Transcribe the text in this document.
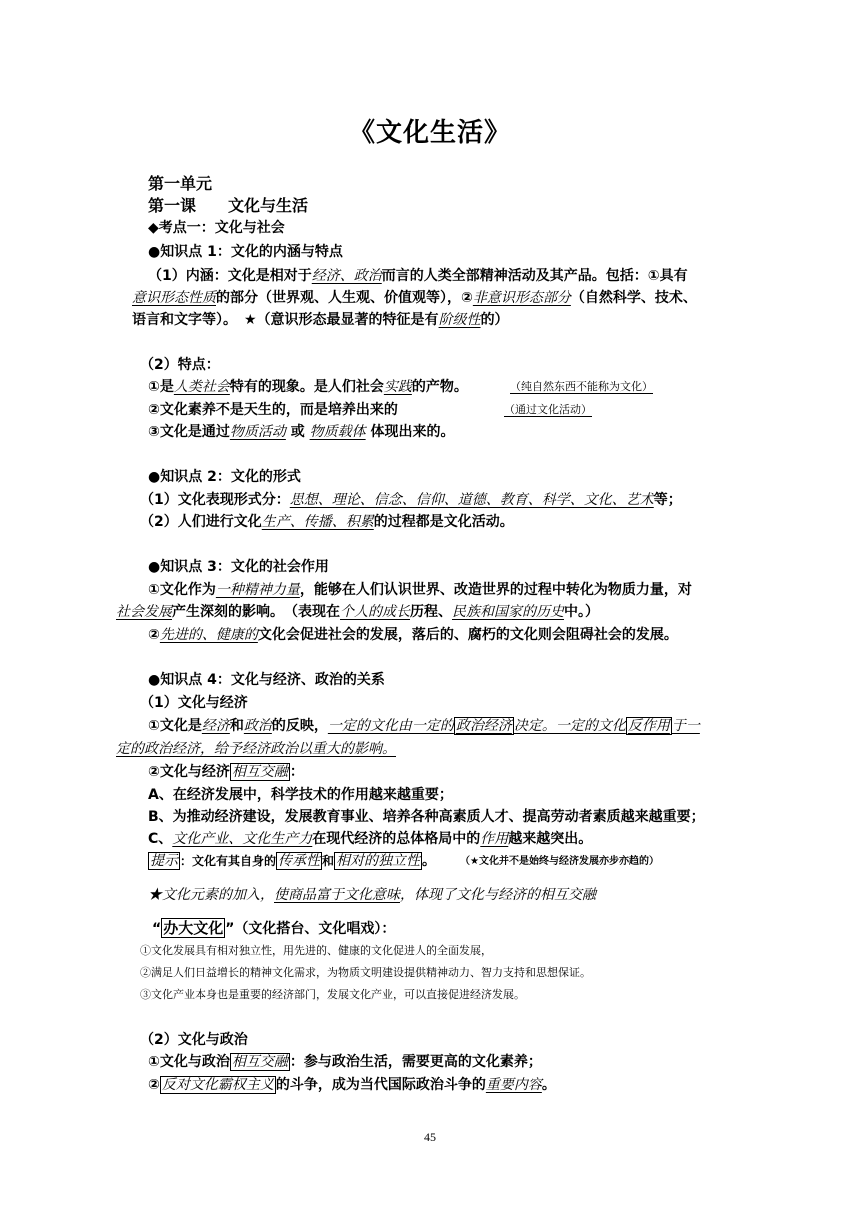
《文化生活》
第一单元
第一课　　文化与生活
◆考点一：文化与社会
●知识点 1：文化的内涵与特点
（1）内涵：文化是相对于经济、政治而言的人类全部精神活动及其产品。包括：①具有
意识形态性质的部分（世界观、人生观、价值观等），②非意识形态部分（自然科学、技术、
语言和文字等）。　★（意识形态最显著的特征是有阶级性的）
（2）特点：
①是人类社会特有的现象。是人们社会实践的产物。	（纯自然东西不能称为文化）
②文化素养不是天生的，而是培养出来的	（通过文化活动）
③文化是通过物质活动 或 物质载体 体现出来的。
●知识点 2：文化的形式
（1）文化表现形式分：思想、理论、信念、信仰、道德、教育、科学、文化、艺术等；
（2）人们进行文化生产、传播、积累的过程都是文化活动。
●知识点 3：文化的社会作用
①文化作为一种精神力量，能够在人们认识世界、改造世界的过程中转化为物质力量，对
社会发展产生深刻的影响。　（表现在个人的成长历程、民族和国家的历史中。）
②先进的、健康的文化会促进社会的发展，落后的、腐朽的文化则会阻碍社会的发展。
●知识点 4：文化与经济、政治的关系
（1）文化与经济
①文化是经济和政治的反映，一定的文化由一定的 政治经济 决定。一定的文化 反作用 于一
定的政治经济，给予经济政治以重大的影响。
②文化与经济 相互交融 ：
A、在经济发展中，科学技术的作用越来越重要；
B、为推动经济建设，发展教育事业、培养各种高素质人才、提高劳动者素质越来越重要；
C、文化产业、文化生产力在现代经济的总体格局中的作用越来越突出。
提示 ：文化有其自身的 传承性 和 相对的独立性 。 （★文化并不是始终与经济发展亦步亦趋的）
★文化元素的加入，使商品富于文化意味，体现了文化与经济的相互交融
“ 办大文化 ”（文化搭台、文化唱戏）：
①文化发展具有相对独立性，用先进的、健康的文化促进人的全面发展，
②满足人们日益增长的精神文化需求，为物质文明建设提供精神动力、智力支持和思想保证。
③文化产业本身也是重要的经济部门，发展文化产业，可以直接促进经济发展。
（2）文化与政治
①文化与政治 相互交融 ：参与政治生活，需要更高的文化素养；
② 反对文化霸权主义 的斗争，成为当代国际政治斗争的重要内容。
45
